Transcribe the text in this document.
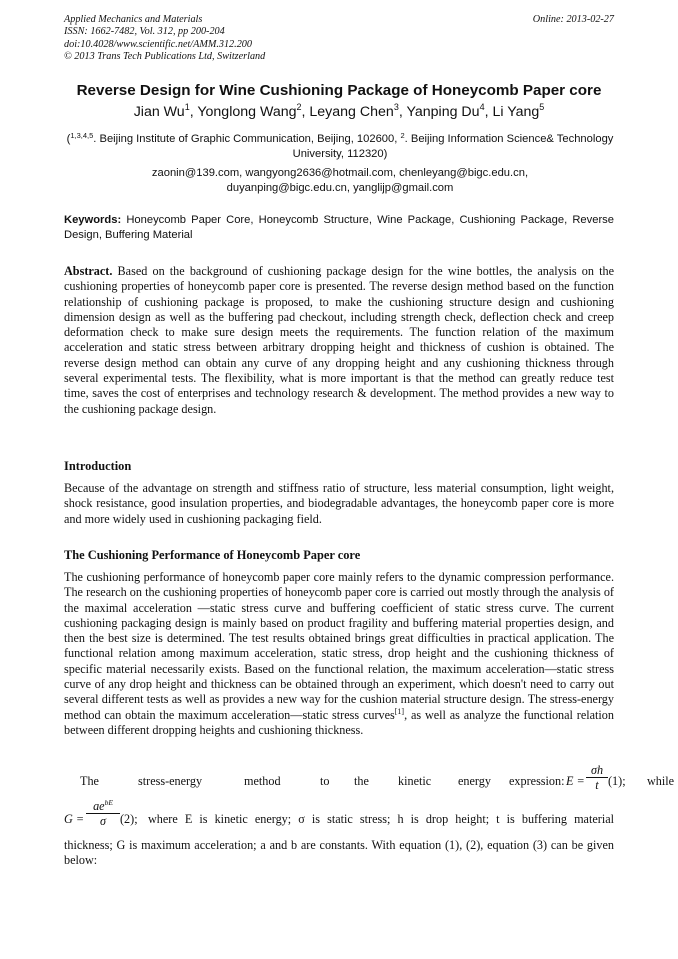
Applied Mechanics and Materials
ISSN: 1662-7482, Vol. 312, pp 200-204
doi:10.4028/www.scientific.net/AMM.312.200
© 2013 Trans Tech Publications Ltd, Switzerland
Online: 2013-02-27
Reverse Design for Wine Cushioning Package of Honeycomb Paper core
Jian Wu$^1$, Yonglong Wang$^2$, Leyang Chen$^3$, Yanping Du$^4$, Li Yang$^5$
($^{1,3,4,5}$. Beijing Institute of Graphic Communication, Beijing, 102600, $^2$. Beijing Information Science& Technology University, 112320)
zaonin@139.com, wangyong2636@hotmail.com, chenleyang@bigc.edu.cn,
duyanping@bigc.edu.cn, yanglijp@gmail.com
Keywords: Honeycomb Paper Core, Honeycomb Structure, Wine Package, Cushioning Package, Reverse Design, Buffering Material
Abstract. Based on the background of cushioning package design for the wine bottles, the analysis on the cushioning properties of honeycomb paper core is presented. The reverse design method based on the function relationship of cushioning package is proposed, to make the cushioning structure design and cushioning dimension design as well as the buffering pad checkout, including strength check, deflection check and creep deformation check to make sure design meets the requirements. The function relation of the maximum acceleration and static stress between arbitrary dropping height and thickness of cushion is obtained. The reverse design method can obtain any curve of any dropping height and any cushioning thickness through several experimental tests. The flexibility, what is more important is that the method can greatly reduce test time, saves the cost of enterprises and technology research & development. The method provides a new way to the cushioning package design.
Introduction
Because of the advantage on strength and stiffness ratio of structure, less material consumption, light weight, shock resistance, good insulation properties, and biodegradable advantages, the honeycomb paper core is more and more widely used in cushioning packaging field.
The Cushioning Performance of Honeycomb Paper core
The cushioning performance of honeycomb paper core mainly refers to the dynamic compression performance. The research on the cushioning properties of honeycomb paper core is carried out mostly through the analysis of the maximal acceleration —static stress curve and buffering coefficient of static stress curve. The current cushioning packaging design is mainly based on product fragility and buffering material properties design, and then the best size is determined. The test results obtained brings great difficulties in practical application. The functional relation among maximum acceleration, static stress, drop height and the cushioning thickness of specific material necessarily exists. Based on the functional relation, the maximum acceleration—static stress curve of any drop height and thickness can be obtained through an experiment, which doesn't need to carry out several different tests as well as provides a new way for the cushion material structure design. The stress-energy method can obtain the maximum acceleration—static stress curves[1], as well as analyze the functional relation between different dropping heights and cushioning thickness.
The	stress-energy	method	to the kinetic energy expression: E =
σh
t (1); while
G =
$ae^{bE}$
σ	(2); where E is kinetic energy; σ is static stress; h is drop height; t is buffering material
thickness; G is maximum acceleration; a and b are constants. With equation (1), (2), equation (3) can be given below:
